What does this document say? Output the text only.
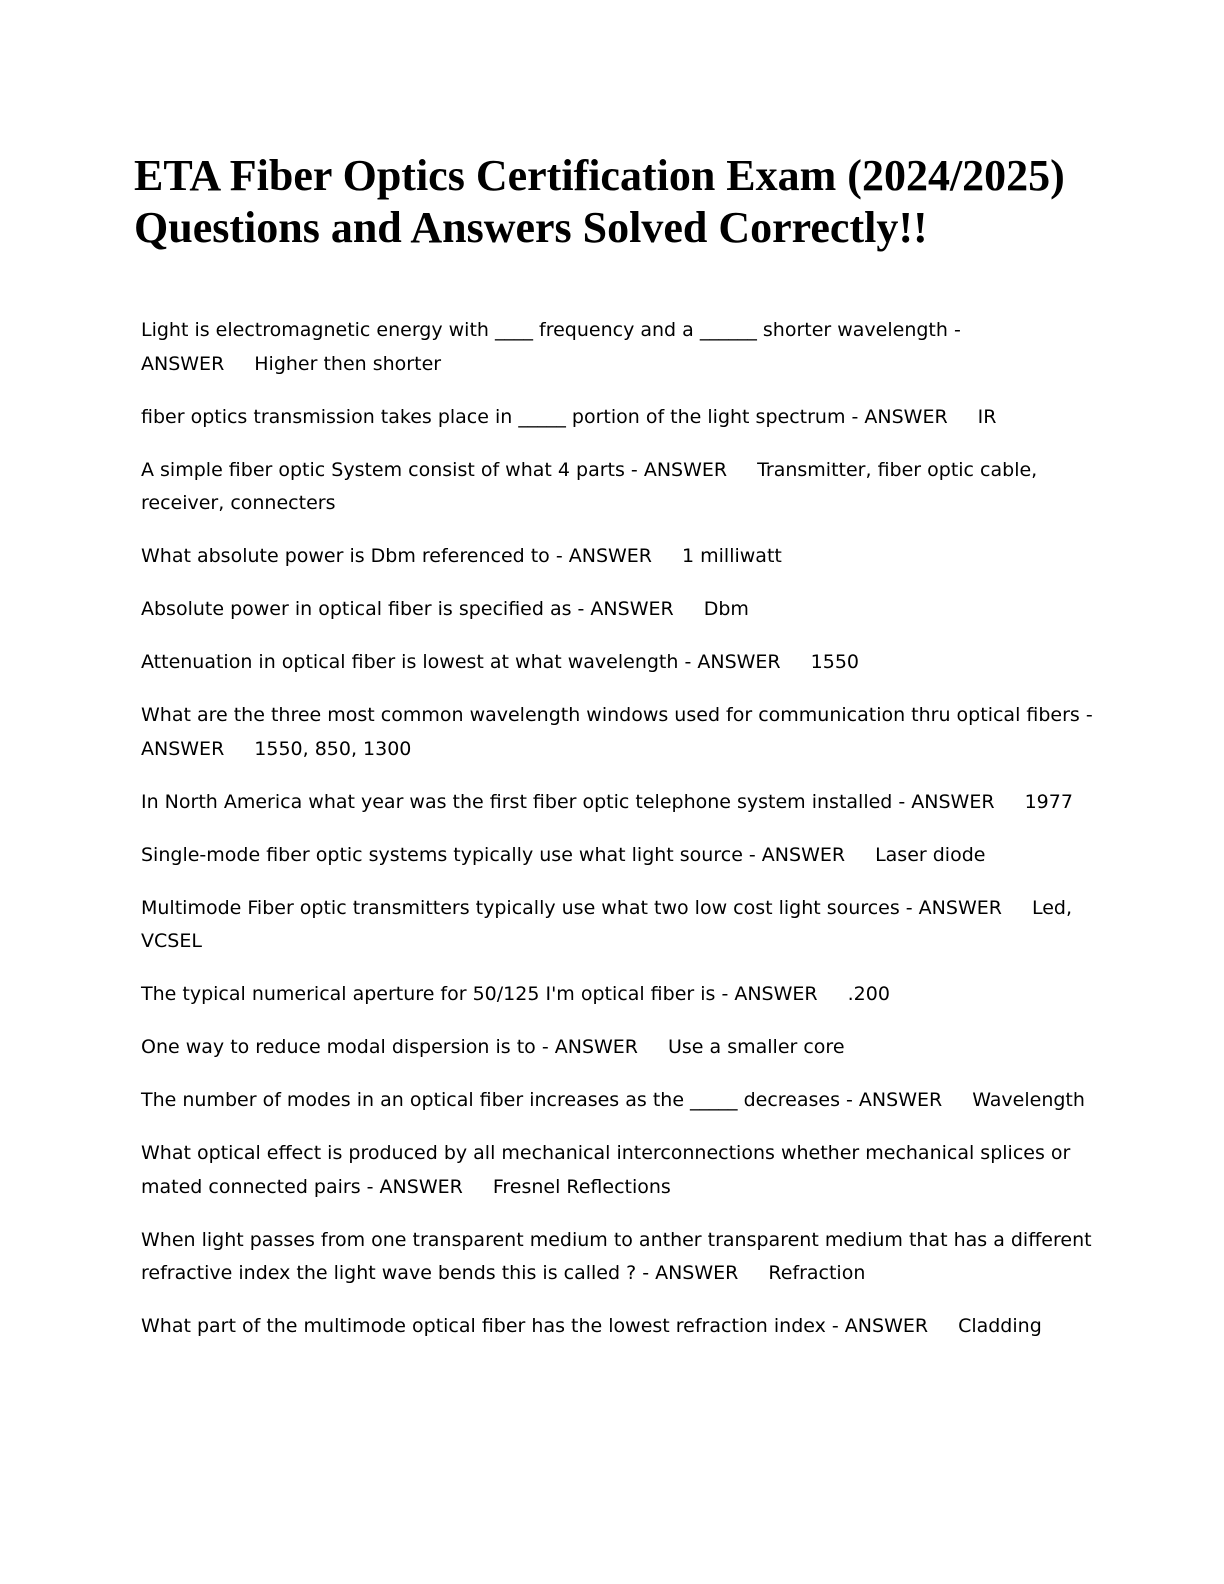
ETA Fiber Optics Certification Exam (2024/2025)
Questions and Answers Solved Correctly!!
Light is electromagnetic energy with ____ frequency and a ______ shorter wavelength - ANSWER Higher then shorter
fiber optics transmission takes place in _____ portion of the light spectrum - ANSWER IR
A simple fiber optic System consist of what 4 parts - ANSWER Transmitter, fiber optic cable, receiver, connecters
What absolute power is Dbm referenced to - ANSWER 1 milliwatt
Absolute power in optical fiber is specified as - ANSWER Dbm
Attenuation in optical fiber is lowest at what wavelength - ANSWER 1550
What are the three most common wavelength windows used for communication thru optical fibers - ANSWER 1550, 850, 1300
In North America what year was the first fiber optic telephone system installed - ANSWER 1977
Single-mode fiber optic systems typically use what light source - ANSWER Laser diode
Multimode Fiber optic transmitters typically use what two low cost light sources - ANSWER Led, VCSEL
The typical numerical aperture for 50/125 I'm optical fiber is - ANSWER .200
One way to reduce modal dispersion is to - ANSWER Use a smaller core
The number of modes in an optical fiber increases as the _____ decreases - ANSWER Wavelength
What optical effect is produced by all mechanical interconnections whether mechanical splices or mated connected pairs - ANSWER Fresnel Reflections
When light passes from one transparent medium to anther transparent medium that has a different refractive index the light wave bends this is called ? - ANSWER Refraction
What part of the multimode optical fiber has the lowest refraction index - ANSWER Cladding
